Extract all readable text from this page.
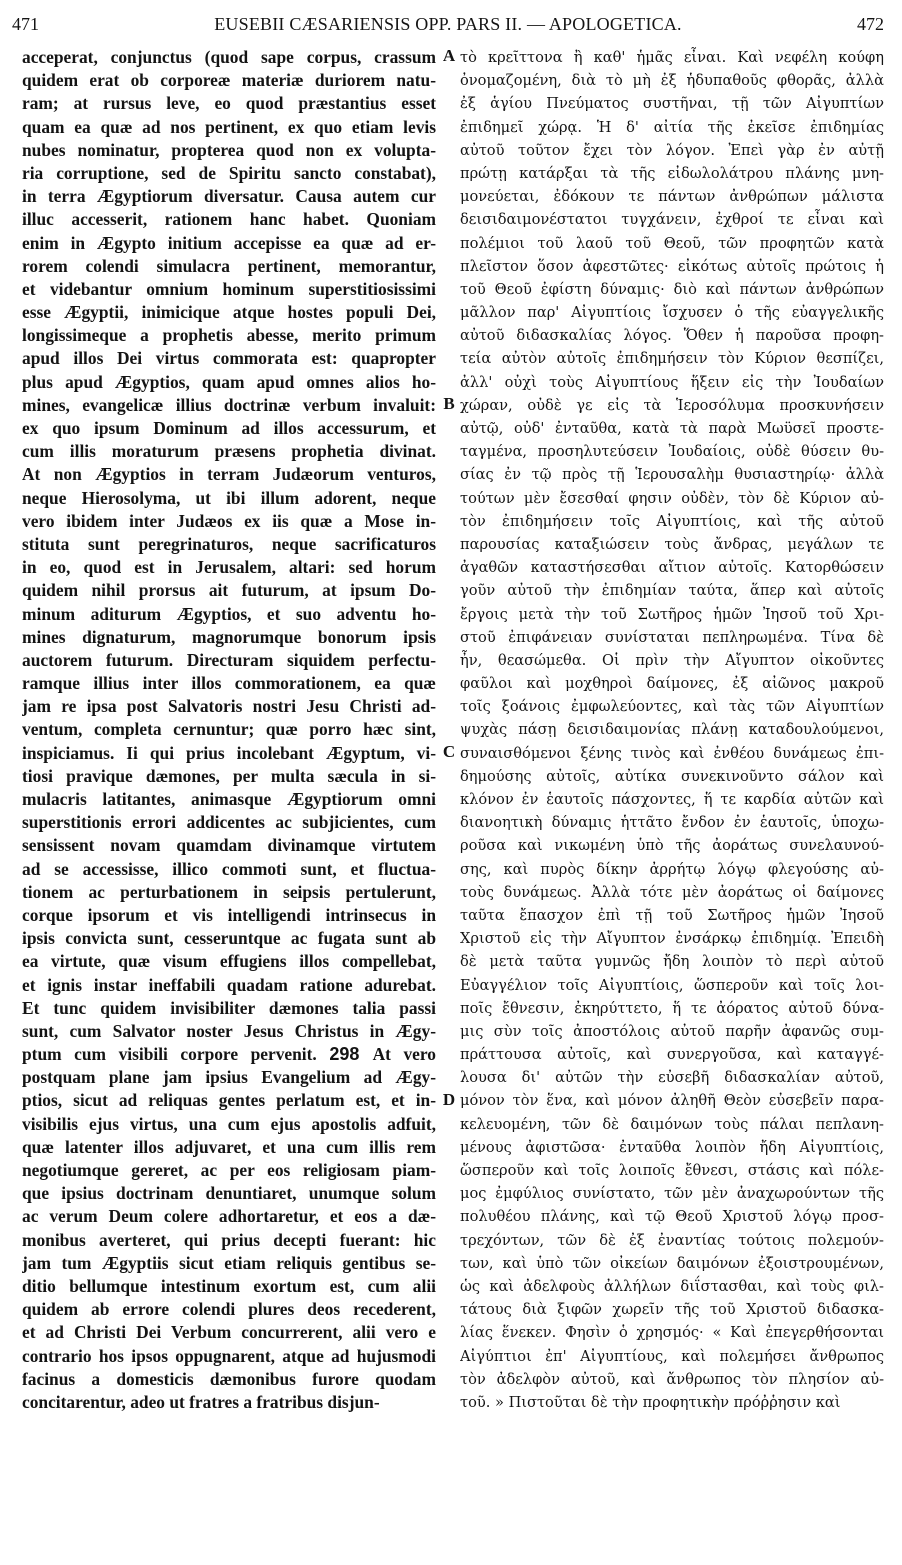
471	EUSEBII CÆSARIENSIS OPP. PARS II. — APOLOGETICA.	472
acceperat, conjunctus (quod sape corpus, crassum
quidem erat ob corporeæ materiæ duriorem natu-
ram; at rursus leve, eo quod præstantius esset
quam ea quæ ad nos pertinent, ex quo etiam levis
nubes nominatur, propterea quod non ex volupta-
ria corruptione, sed de Spiritu sancto constabat),
in terra Ægyptiorum diversatur. Causa autem cur
illuc accesserit, rationem hanc habet. Quoniam
enim in Ægypto initium accepisse ea quæ ad er-
rorem colendi simulacra pertinent, memorantur,
et videbantur omnium hominum superstitiosissimi
esse Ægyptii, inimicique atque hostes populi Dei,
longissimeque a prophetis abesse, merito primum
apud illos Dei virtus commorata est: quapropter
plus apud Ægyptios, quam apud omnes alios ho-
mines, evangelicæ illius doctrinæ verbum invaluit:
ex quo ipsum Dominum ad illos accessurum, et
cum illis moraturum præsens prophetia divinat.
At non Ægyptios in terram Judæorum venturos,
neque Hierosolyma, ut ibi illum adorent, neque
vero ibidem inter Judæos ex iis quæ a Mose in-
stituta sunt peregrinaturos, neque sacrificaturos
in eo, quod est in Jerusalem, altari: sed horum
quidem nihil prorsus ait futurum, at ipsum Do-
minum aditurum Ægyptios, et suo adventu ho-
mines dignaturum, magnorumque bonorum ipsis
auctorem futurum. Directuram siquidem perfectu-
ramque illius inter illos commorationem, ea quæ
jam re ipsa post Salvatoris nostri Jesu Christi ad-
ventum, completa cernuntur; quæ porro hæc sint,
inspiciamus. Ii qui prius incolebant Ægyptum, vi-
tiosi pravique dæmones, per multa sæcula in si-
mulacris latitantes, animasque Ægyptiorum omni
superstitionis errori addicentes ac subjicientes, cum
sensissent novam quamdam divinamque virtutem
ad se accessisse, illico commoti sunt, et fluctua-
tionem ac perturbationem in seipsis pertulerunt,
corque ipsorum et vis intelligendi intrinsecus in
ipsis convicta sunt, cesseruntque ac fugata sunt ab
ea virtute, quæ visum effugiens illos compellebat,
et ignis instar ineffabili quadam ratione adurebat.
Et tunc quidem invisibiliter dæmones talia passi
sunt, cum Salvator noster Jesus Christus in Ægy-
ptum cum visibili corpore pervenit. 298 At vero
postquam plane jam ipsius Evangelium ad Ægy-
ptios, sicut ad reliquas gentes perlatum est, et in-
visibilis ejus virtus, una cum ejus apostolis adfuit,
quæ latenter illos adjuvaret, et una cum illis rem
negotiumque gereret, ac per eos religiosam piam-
que ipsius doctrinam denuntiaret, unumque solum
ac verum Deum colere adhortaretur, et eos a dæ-
monibus averteret, qui prius decepti fuerant: hic
jam tum Ægyptiis sicut etiam reliquis gentibus se-
ditio bellumque intestinum exortum est, cum alii
quidem ab errore colendi plures deos recederent,
et ad Christi Dei Verbum concurrerent, alii vero e
contrario hos ipsos oppugnarent, atque ad hujusmodi
facinus a domesticis dæmonibus furore quodam
concitarentur, adeo ut fratres a fratribus disjun-
A
B
C
D
τὸ κρεῖττονα ἢ καθ' ἡμᾶς εἶναι. Καὶ νεφέλη κούφη
ὀνομαζομένη, διὰ τὸ μὴ ἐξ ἡδυπαθοῦς φθορᾶς, ἀλλὰ
ἐξ ἁγίου Πνεύματος συστῆναι, τῇ τῶν Αἰγυπτίων
ἐπιδημεῖ χώρᾳ. Ἡ δ' αἰτία τῆς ἐκεῖσε ἐπιδημίας
αὐτοῦ τοῦτον ἔχει τὸν λόγον. Ἐπεὶ γὰρ ἐν αὐτῇ
πρώτῃ κατάρξαι τὰ τῆς εἰδωλολάτρου πλάνης μνη-
μονεύεται, ἐδόκουν τε πάντων ἀνθρώπων μάλιστα
δεισιδαιμονέστατοι τυγχάνειν, ἐχθροί τε εἶναι καὶ
πολέμιοι τοῦ λαοῦ τοῦ Θεοῦ, τῶν προφητῶν κατὰ
πλεῖστον ὅσον ἀφεστῶτες· εἰκότως αὐτοῖς πρώτοις ἡ
τοῦ Θεοῦ ἐφίστη δύναμις· διὸ καὶ πάντων ἀνθρώπων
μᾶλλον παρ' Αἰγυπτίοις ἴσχυσεν ὁ τῆς εὐαγγελικῆς
αὐτοῦ διδασκαλίας λόγος. Ὅθεν ἡ παροῦσα προφη-
τεία αὐτὸν αὐτοῖς ἐπιδημήσειν τὸν Κύριον θεσπίζει,
ἀλλ' οὐχὶ τοὺς Αἰγυπτίους ἥξειν εἰς τὴν Ἰουδαίων
χώραν, οὐδὲ γε εἰς τὰ Ἱεροσόλυμα προσκυνήσειν
αὐτῷ, οὐδ' ἐνταῦθα, κατὰ τὰ παρὰ Μωϋσεῖ προστε-
ταγμένα, προσηλυτεύσειν Ἰουδαίοις, οὐδὲ θύσειν θυ-
σίας ἐν τῷ πρὸς τῇ Ἱερουσαλὴμ θυσιαστηρίῳ· ἀλλὰ
τούτων μὲν ἔσεσθαί φησιν οὐδὲν, τὸν δὲ Κύριον αὐ-
τὸν ἐπιδημήσειν τοῖς Αἰγυπτίοις, καὶ τῆς αὐτοῦ
παρουσίας καταξιώσειν τοὺς ἄνδρας, μεγάλων τε
ἀγαθῶν καταστήσεσθαι αἴτιον αὐτοῖς. Κατορθώσειν
γοῦν αὐτοῦ τὴν ἐπιδημίαν ταύτα, ἅπερ καὶ αὐτοῖς
ἔργοις μετὰ τὴν τοῦ Σωτῆρος ἡμῶν Ἰησοῦ τοῦ Χρι-
στοῦ ἐπιφάνειαν συνίσταται πεπληρωμένα. Τίνα δὲ
ἦν, θεασώμεθα. Οἱ πρὶν τὴν Αἴγυπτον οἰκοῦντες
φαῦλοι καὶ μοχθηροὶ δαίμονες, ἐξ αἰῶνος μακροῦ
τοῖς ξοάνοις ἐμφωλεύοντες, καὶ τὰς τῶν Αἰγυπτίων
ψυχὰς πάσῃ δεισιδαιμονίας πλάνῃ καταδουλούμενοι,
συναισθόμενοι ξένης τινὸς καὶ ἐνθέου δυνάμεως ἐπι-
δημούσης αὐτοῖς, αὐτίκα συνεκινοῦντο σάλον καὶ
κλόνον ἐν ἑαυτοῖς πάσχοντες, ἥ τε καρδία αὐτῶν καὶ
διανοητικὴ δύναμις ἡττᾶτο ἔνδον ἐν ἑαυτοῖς, ὑποχω-
ροῦσα καὶ νικωμένη ὑπὸ τῆς ἀοράτως συνελαυνού-
σης, καὶ πυρὸς δίκην ἀρρήτῳ λόγῳ φλεγούσης αὐ-
τοὺς δυνάμεως. Ἀλλὰ τότε μὲν ἀοράτως οἱ δαίμονες
ταῦτα ἔπασχον ἐπὶ τῇ τοῦ Σωτῆρος ἡμῶν Ἰησοῦ
Χριστοῦ εἰς τὴν Αἴγυπτον ἐνσάρκῳ ἐπιδημίᾳ. Ἐπειδὴ
δὲ μετὰ ταῦτα γυμνῶς ἤδη λοιπὸν τὸ περὶ αὐτοῦ
Εὐαγγέλιον τοῖς Αἰγυπτίοις, ὥσπεροῦν καὶ τοῖς λοι-
ποῖς ἔθνεσιν, ἐκηρύττετο, ἥ τε ἀόρατος αὐτοῦ δύνα-
μις σὺν τοῖς ἀποστόλοις αὐτοῦ παρῆν ἀφανῶς συμ-
πράττουσα αὐτοῖς, καὶ συνεργοῦσα, καὶ καταγγέ-
λουσα δι' αὐτῶν τὴν εὐσεβῆ διδασκαλίαν αὐτοῦ,
μόνον τὸν ἕνα, καὶ μόνον ἀληθῆ Θεὸν εὐσεβεῖν παρα-
κελευομένη, τῶν δὲ δαιμόνων τοὺς πάλαι πεπλανη-
μένους ἀφιστῶσα· ἐνταῦθα λοιπὸν ἤδη Αἰγυπτίοις,
ὥσπεροῦν καὶ τοῖς λοιποῖς ἔθνεσι, στάσις καὶ πόλε-
μος ἐμφύλιος συνίστατο, τῶν μὲν ἀναχωρούντων τῆς
πολυθέου πλάνης, καὶ τῷ Θεοῦ Χριστοῦ λόγῳ προσ-
τρεχόντων, τῶν δὲ ἐξ ἐναντίας τούτοις πολεμούν-
των, καὶ ὑπὸ τῶν οἰκείων δαιμόνων ἐξοιστρουμένων,
ὡς καὶ ἀδελφοὺς ἀλλήλων διΐστασθαι, καὶ τοὺς φιλ-
τάτους διὰ ξιφῶν χωρεῖν τῆς τοῦ Χριστοῦ διδασκα-
λίας ἕνεκεν. Φησὶν ὁ χρησμός· « Καὶ ἐπεγερθήσονται
Αἰγύπτιοι ἐπ' Αἰγυπτίους, καὶ πολεμήσει ἄνθρωπος
τὸν ἀδελφὸν αὐτοῦ, καὶ ἄνθρωπος τὸν πλησίον αὐ-
τοῦ. » Πιστοῦται δὲ τὴν προφητικὴν πρόῤῥησιν καὶ
